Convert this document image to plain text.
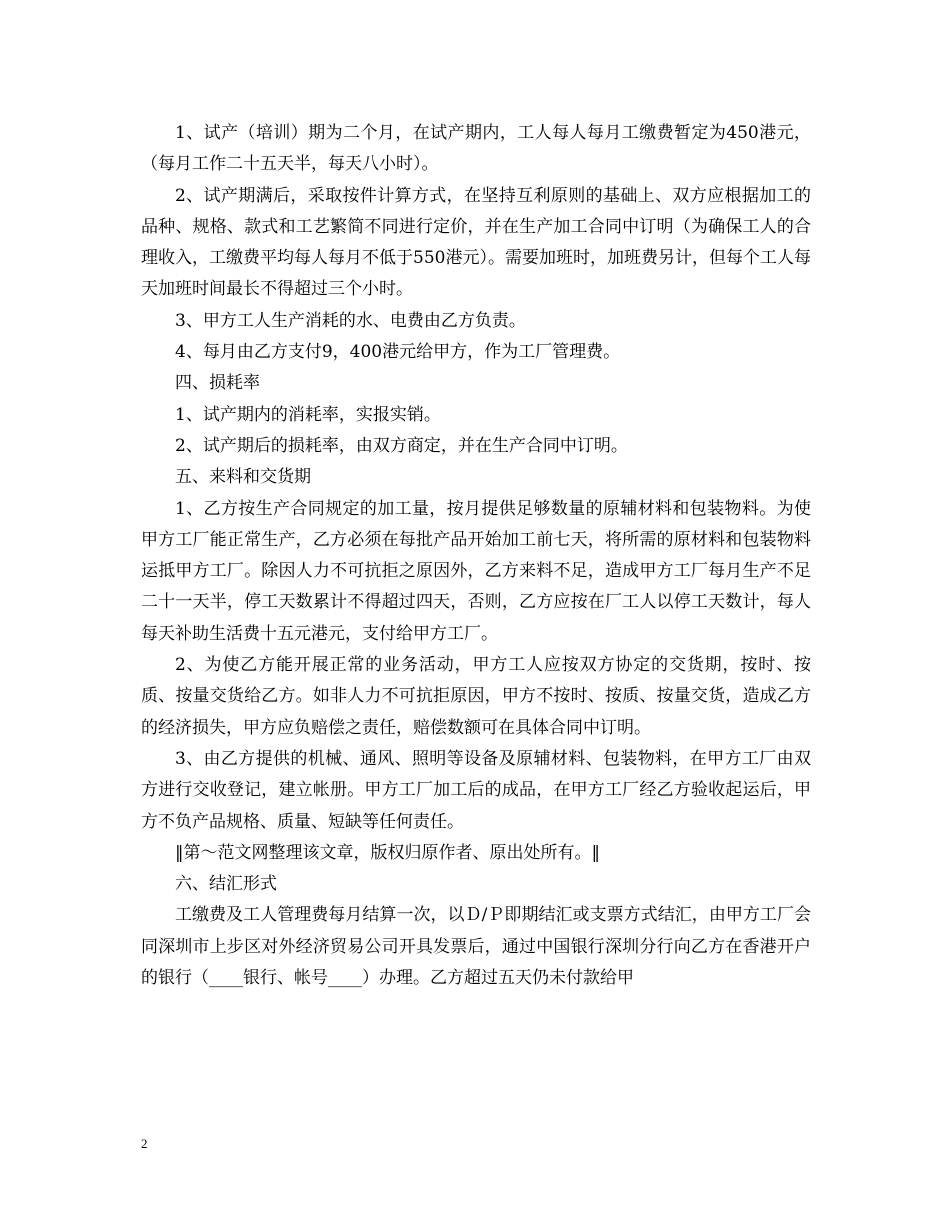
1、试产（培训）期为二个月，在试产期内，工人每人每月工缴费暂定为450港元，（每月工作二十五天半，每天八小时）。

2、试产期满后，采取按件计算方式，在坚持互利原则的基础上、双方应根据加工的品种、规格、款式和工艺繁简不同进行定价，并在生产加工合同中订明（为确保工人的合理收入，工缴费平均每人每月不低于550港元）。需要加班时，加班费另计，但每个工人每天加班时间最长不得超过三个小时。

3、甲方工人生产消耗的水、电费由乙方负责。

4、每月由乙方支付9，400港元给甲方，作为工厂管理费。

四、损耗率

1、试产期内的消耗率，实报实销。

2、试产期后的损耗率，由双方商定，并在生产合同中订明。

五、来料和交货期

1、乙方按生产合同规定的加工量，按月提供足够数量的原辅材料和包装物料。为使甲方工厂能正常生产，乙方必须在每批产品开始加工前七天，将所需的原材料和包装物料运抵甲方工厂。除因人力不可抗拒之原因外，乙方来料不足，造成甲方工厂每月生产不足二十一天半，停工天数累计不得超过四天，否则，乙方应按在厂工人以停工天数计，每人每天补助生活费十五元港元，支付给甲方工厂。

2、为使乙方能开展正常的业务活动，甲方工人应按双方协定的交货期，按时、按质、按量交货给乙方。如非人力不可抗拒原因，甲方不按时、按质、按量交货，造成乙方的经济损失，甲方应负赔偿之责任，赔偿数额可在具体合同中订明。

3、由乙方提供的机械、通风、照明等设备及原辅材料、包装物料，在甲方工厂由双方进行交收登记，建立帐册。甲方工厂加工后的成品，在甲方工厂经乙方验收起运后，甲方不负产品规格、质量、短缺等任何责任。

‖第～范文网整理该文章，版权归原作者、原出处所有。‖

六、结汇形式

工缴费及工人管理费每月结算一次，以Ｄ/Ｐ即期结汇或支票方式结汇，由甲方工厂会同深圳市上步区对外经济贸易公司开具发票后，通过中国银行深圳分行向乙方在香港开户的银行（____银行、帐号____）办理。乙方超过五天仍未付款给甲

2
